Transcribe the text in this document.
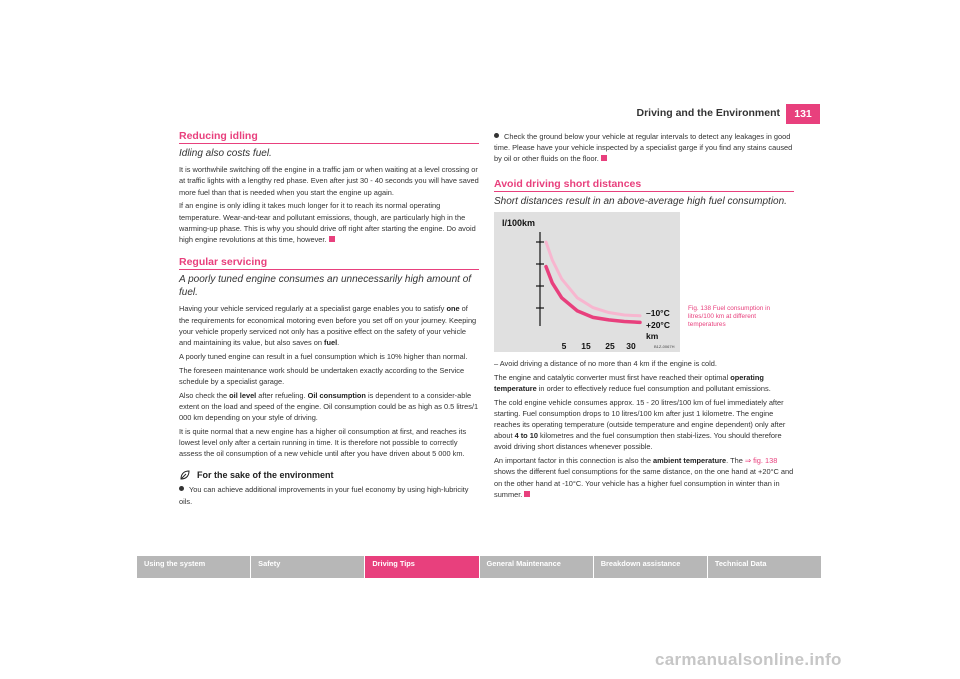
Driving and the Environment	131
Reducing idling
Idling also costs fuel.

It is worthwhile switching off the engine in a traffic jam or when waiting at a level crossing or at traffic lights with a lengthy red phase. Even after just 30 - 40 seconds you will have saved more fuel than that is needed when you start the engine up again.

If an engine is only idling it takes much longer for it to reach its normal operating temperature. Wear-and-tear and pollutant emissions, though, are particularly high in the warming-up phase. This is why you should drive off right after starting the engine. Do avoid high engine revolutions at this time, however.

Regular servicing
A poorly tuned engine consumes an unnecessarily high amount of fuel.

Having your vehicle serviced regularly at a specialist garge enables you to satisfy one of the requirements for economical motoring even before you set off on your journey. Keeping your vehicle properly serviced not only has a positive effect on the safety of your vehicle and maintaining its value, but also saves on fuel.

A poorly tuned engine can result in a fuel consumption which is 10% higher than normal.

The foreseen maintenance work should be undertaken exactly according to the Service schedule by a specialist garage.

Also check the oil level after refueling. Oil consumption is dependent to a consider-able extent on the load and speed of the engine. Oil consumption could be as high as 0.5 litres/1 000 km depending on your style of driving.

It is quite normal that a new engine has a higher oil consumption at first, and reaches its lowest level only after a certain running in time. It is therefore not possible to correctly assess the oil consumption of a new vehicle until after you have driven about 5 000 km.

For the sake of the environment

You can achieve additional improvements in your fuel economy by using high-lubricity oils.

Check the ground below your vehicle at regular intervals to detect any leakages in good time. Please have your vehicle inspected by a specialist garge if you find any stains caused by oil or other fluids on the floor.

Avoid driving short distances
Short distances result in an above-average high fuel consumption.
l/100km
–10°C
+20°C
km
5 15 25 30	B1Z-0067H

– Avoid driving a distance of no more than 4 km if the engine is cold.

The engine and catalytic converter must first have reached their optimal operating temperature in order to effectively reduce fuel consumption and pollutant emissions.

The cold engine vehicle consumes approx. 15 - 20 litres/100 km of fuel immediately after starting. Fuel consumption drops to 10 litres/100 km after just 1 kilometre. The engine reaches its operating temperature (outside temperature and engine dependent) only after about 4 to 10 kilometres and the fuel consumption then stabi-lizes. You should therefore avoid driving short distances whenever possible.

An important factor in this connection is also the ambient temperature. The ⇒ fig. 138 shows the different fuel consumptions for the same distance, on the one hand at +20°C and on the other hand at -10°C. Your vehicle has a higher fuel consumption in winter than in summer.

Fig. 138 Fuel consumption in litres/100 km at different temperatures
Using the system	Safety	Driving Tips	General Maintenance	Breakdown assistance	Technical Data
carmanualsonline.info
